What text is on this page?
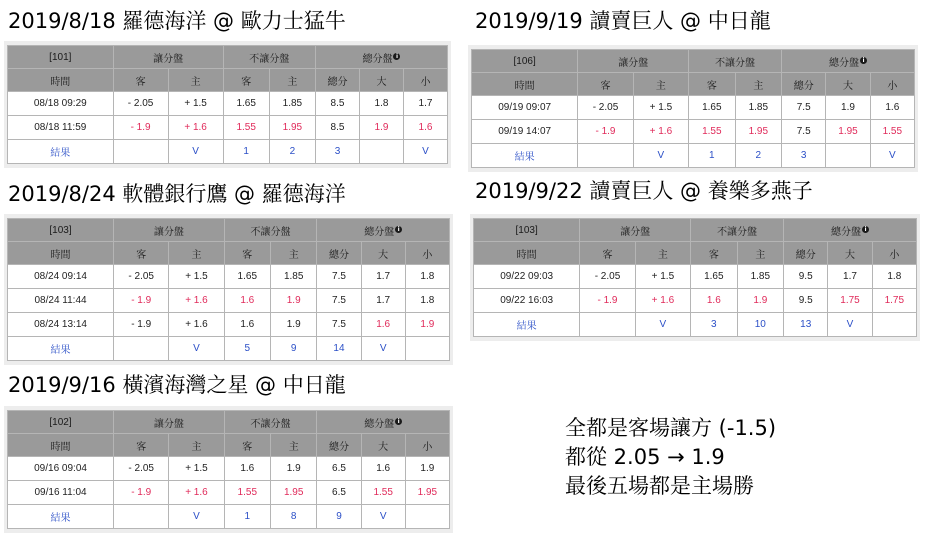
2019/8/18 羅德海洋 @ 歐力士猛牛
[101]	讓分盤		不讓分盤		總分盤 i		
時間	客	主	客	主	總分	大	小
08/18 09:29	- 2.05	+ 1.5	1.65	1.85	8.5	1.8	1.7
08/18 11:59	- 1.9	+ 1.6	1.55	1.95	8.5	1.9	1.6
結果		V	1	2	3		V
2019/9/19 讀賣巨人 @ 中日龍
[106]	讓分盤		不讓分盤		總分盤 i		
時間	客	主	客	主	總分	大	小
09/19 09:07	- 2.05	+ 1.5	1.65	1.85	7.5	1.9	1.6
09/19 14:07	- 1.9	+ 1.6	1.55	1.95	7.5	1.95	1.55
結果		V	1	2	3		V
2019/8/24 軟體銀行鷹 @ 羅德海洋
[103]	讓分盤		不讓分盤		總分盤 i		
時間	客	主	客	主	總分	大	小
08/24 09:14	- 2.05	+ 1.5	1.65	1.85	7.5	1.7	1.8
08/24 11:44	- 1.9	+ 1.6	1.6	1.9	7.5	1.7	1.8
08/24 13:14	- 1.9	+ 1.6	1.6	1.9	7.5	1.6	1.9
結果		V	5	9	14	V	
2019/9/22 讀賣巨人 @ 養樂多燕子
[103]	讓分盤		不讓分盤		總分盤 i		
時間	客	主	客	主	總分	大	小
09/22 09:03	- 2.05	+ 1.5	1.65	1.85	9.5	1.7	1.8
09/22 16:03	- 1.9	+ 1.6	1.6	1.9	9.5	1.75	1.75
結果		V	3	10	13	V	
2019/9/16 橫濱海灣之星 @ 中日龍
[102]	讓分盤		不讓分盤		總分盤 i		
時間	客	主	客	主	總分	大	小
09/16 09:04	- 2.05	+ 1.5	1.6	1.9	6.5	1.6	1.9
09/16 11:04	- 1.9	+ 1.6	1.55	1.95	6.5	1.55	1.95
結果		V	1	8	9	V	
全都是客場讓方 (-1.5)
都從 2.05 → 1.9
最後五場都是主場勝
